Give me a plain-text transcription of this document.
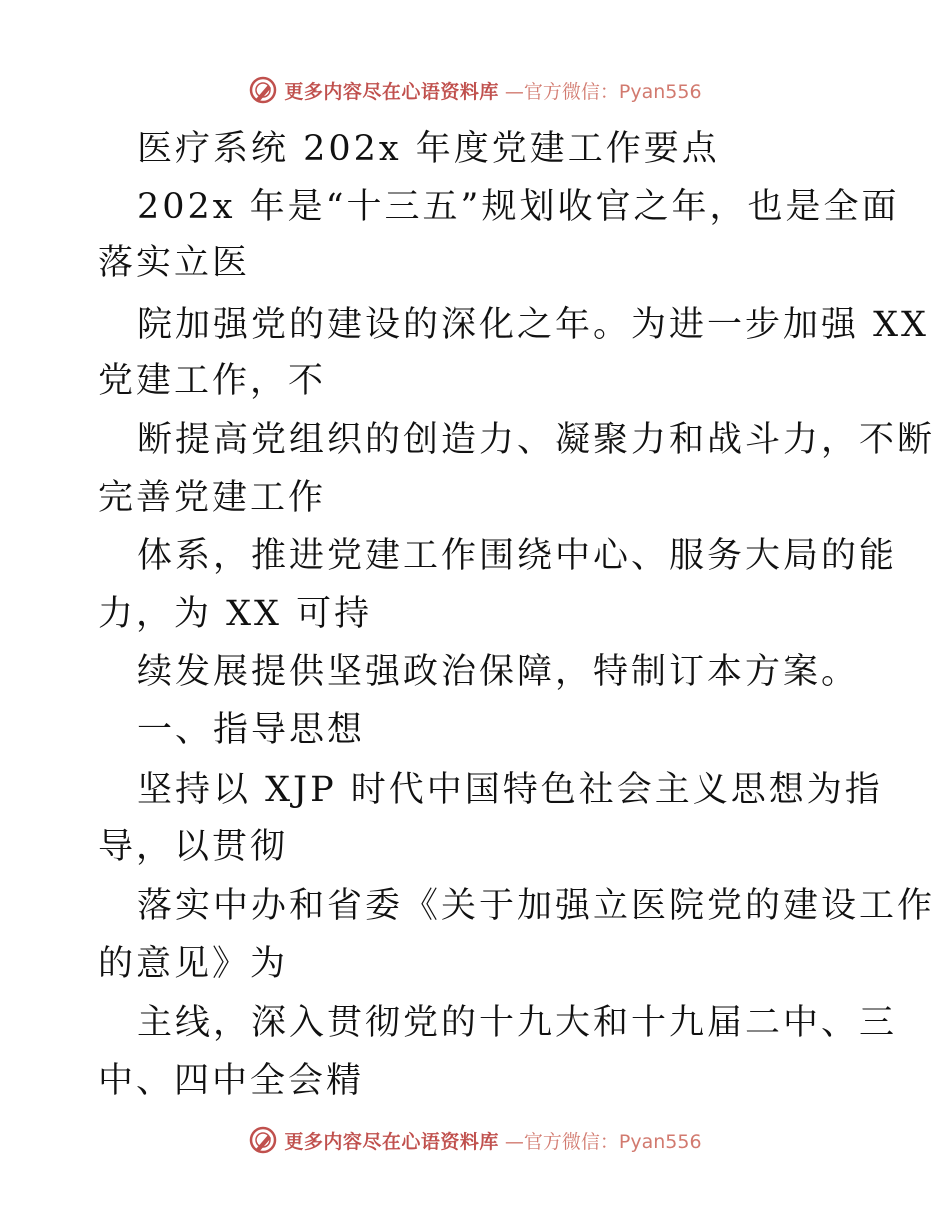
更多内容尽在心语资料库 —官方微信：Pyan556
医疗系统 202x 年度党建工作要点
202x 年是“十三五”规划收官之年，也是全面
落实立医
院加强党的建设的深化之年。为进一步加强 XX
党建工作，不
断提高党组织的创造力、凝聚力和战斗力，不断
完善党建工作
体系，推进党建工作围绕中心、服务大局的能
力，为 XX 可持
续发展提供坚强政治保障，特制订本方案。
一、指导思想
坚持以 XJP 时代中国特色社会主义思想为指
导，以贯彻
落实中办和省委《关于加强立医院党的建设工作
的意见》为
主线，深入贯彻党的十九大和十九届二中、三
中、四中全会精
更多内容尽在心语资料库 —官方微信：Pyan556
